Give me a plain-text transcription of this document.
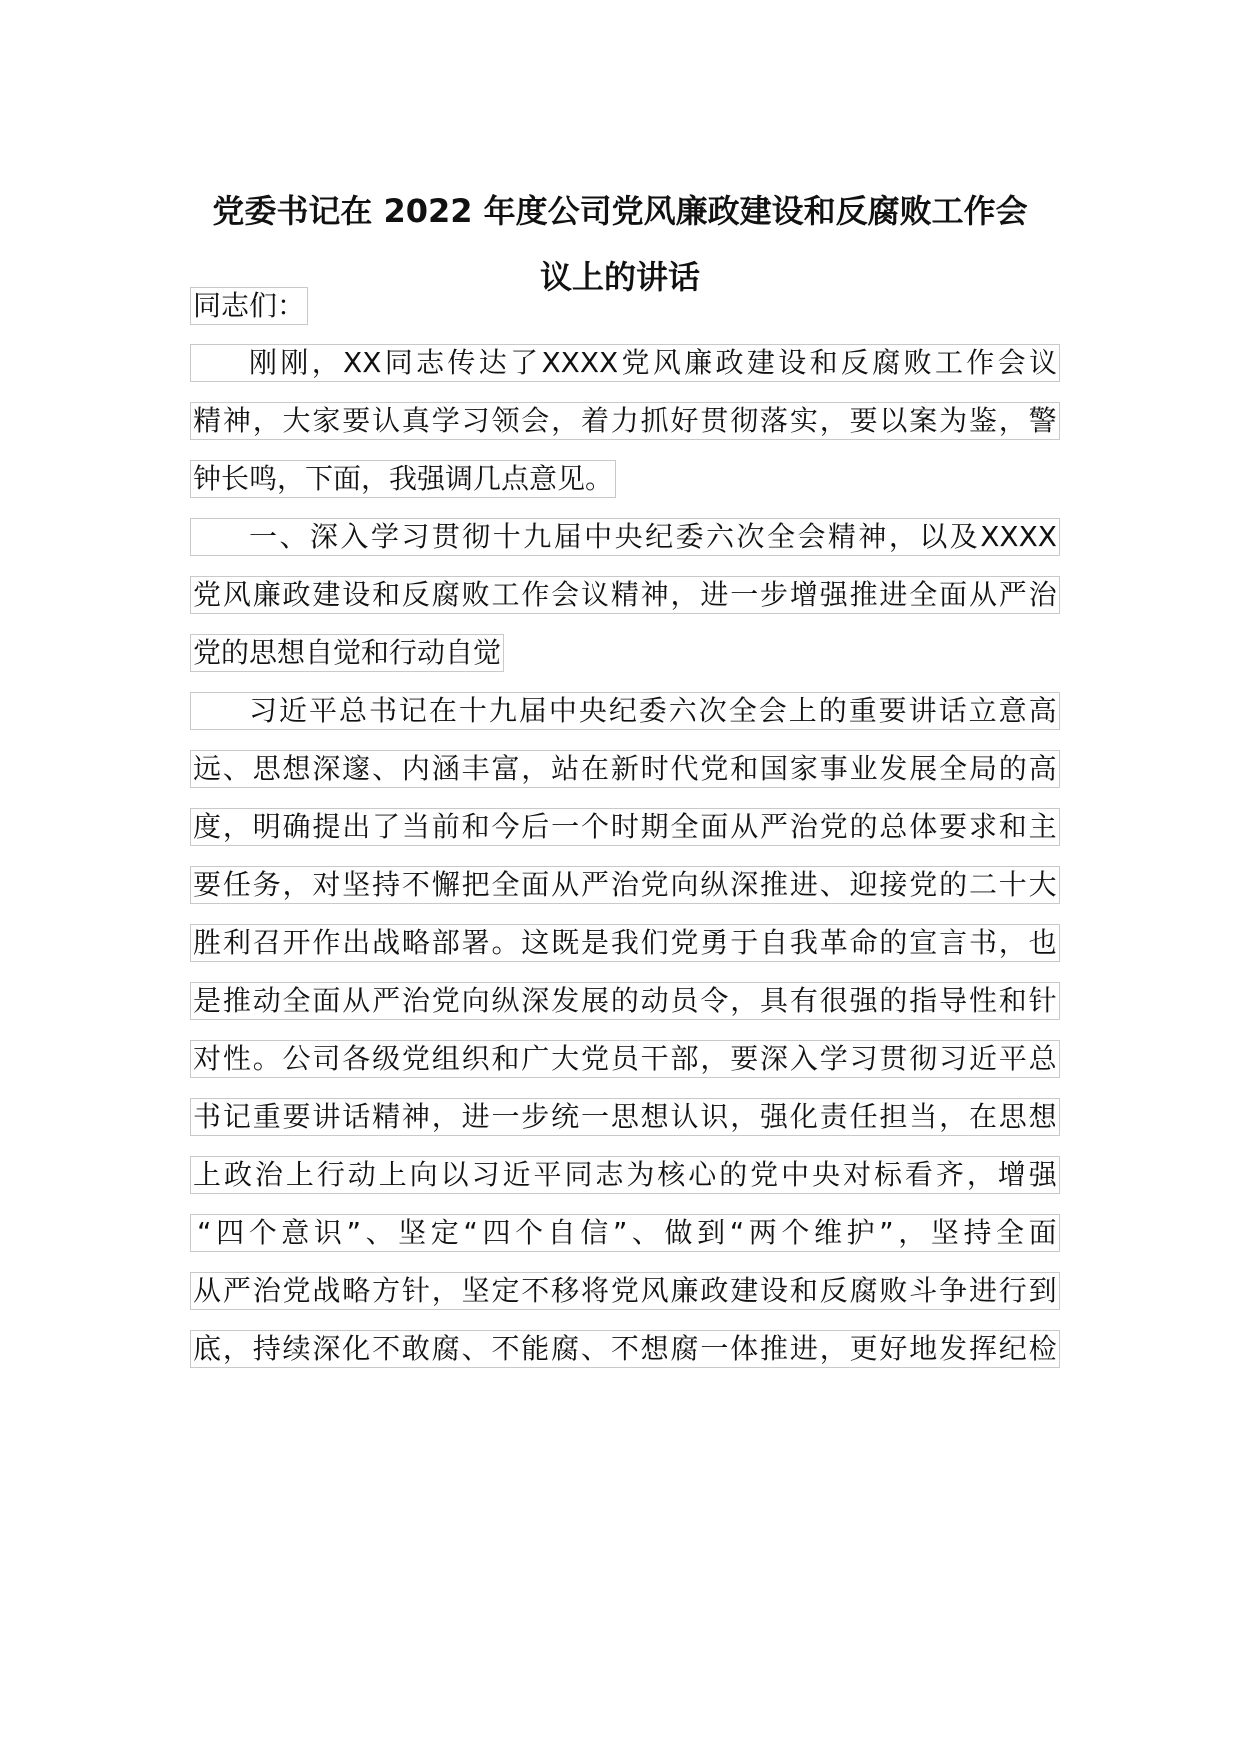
党委书记在 2022 年度公司党风廉政建设和反腐败工作会
议上的讲话
同志们：
刚 刚 ， XX 同 志 传 达 了 XXXX 党 风 廉 政 建 设 和 反 腐 败 工 作 会 议
精 神 ， 大 家 要 认 真 学 习 领 会 ， 着 力 抓 好 贯 彻 落 实 ， 要 以 案 为 鉴 ， 警
钟长鸣，下面，我强调几点意见。
一 、 深 入 学 习 贯 彻 十 九 届 中 央 纪 委 六 次 全 会 精 神 ， 以 及 XXXX
党 风 廉 政 建 设 和 反 腐 败 工 作 会 议 精 神 ， 进 一 步 增 强 推 进 全 面 从 严 治
党的思想自觉和行动自觉
习 近 平 总 书 记 在 十 九 届 中 央 纪 委 六 次 全 会 上 的 重 要 讲 话 立 意 高
远 、 思 想 深 邃 、 内 涵 丰 富 ， 站 在 新 时 代 党 和 国 家 事 业 发 展 全 局 的 高
度 ， 明 确 提 出 了 当 前 和 今 后 一 个 时 期 全 面 从 严 治 党 的 总 体 要 求 和 主
要 任 务 ， 对 坚 持 不 懈 把 全 面 从 严 治 党 向 纵 深 推 进 、 迎 接 党 的 二 十 大
胜 利 召 开 作 出 战 略 部 署 。 这 既 是 我 们 党 勇 于 自 我 革 命 的 宣 言 书 ， 也
是 推 动 全 面 从 严 治 党 向 纵 深 发 展 的 动 员 令 ， 具 有 很 强 的 指 导 性 和 针
对 性 。 公 司 各 级 党 组 织 和 广 大 党 员 干 部 ， 要 深 入 学 习 贯 彻 习 近 平 总
书 记 重 要 讲 话 精 神 ， 进 一 步 统 一 思 想 认 识 ， 强 化 责 任 担 当 ， 在 思 想
上 政 治 上 行 动 上 向 以 习 近 平 同 志 为 核 心 的 党 中 央 对 标 看 齐 ， 增 强
“ 四 个 意 识 ” 、 坚 定 “ 四 个 自 信 ” 、 做 到 “ 两 个 维 护 ” ， 坚 持 全 面
从 严 治 党 战 略 方 针 ， 坚 定 不 移 将 党 风 廉 政 建 设 和 反 腐 败 斗 争 进 行 到
底 ， 持 续 深 化 不 敢 腐 、 不 能 腐 、 不 想 腐 一 体 推 进 ， 更 好 地 发 挥 纪 检
